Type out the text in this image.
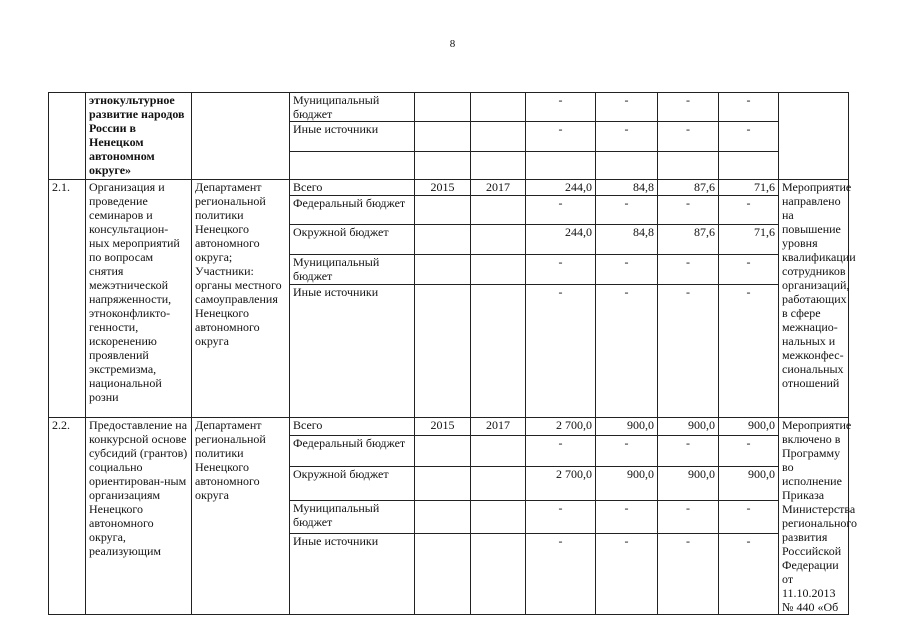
8
	этнокультурное развитие народов России в Ненецком автономном округе»		Муниципальный бюджет			-	-	-	-	
			Иные источники			-	-	-	-	

2.1.	Организация и проведение семинаров и консультацион-ных мероприятий по вопросам снятия межэтнической напряженности, этноконфликто-генности, искоренению проявлений экстремизма, национальной розни	Департамент региональной политики Ненецкого автономного округа; Участники: органы местного самоуправления Ненецкого автономного округа	Всего	2015	2017	244,0	84,8	87,6	71,6	Мероприятие направлено на повышение уровня квалификации сотрудников организаций, работающих в сфере межнацио-нальных и межконфес-сиональных отношений
			Федеральный бюджет			-	-	-	-	
			Окружной бюджет			244,0	84,8	87,6	71,6	
			Муниципальный бюджет			-	-	-	-	
			Иные источники			-	-	-	-	
2.2.	Предоставление на конкурсной основе субсидий (грантов) социально ориентирован-ным организациям Ненецкого автономного округа, реализующим	Департамент региональной политики Ненецкого автономного округа	Всего	2015	2017	2 700,0	900,0	900,0	900,0	Мероприятие включено в Программу во исполнение Приказа Министерства регионального развития Российской Федерации от 11.10.2013 № 440 «Об
			Федеральный бюджет			-	-	-	-	
			Окружной бюджет			2 700,0	900,0	900,0	900,0	
			Муниципальный бюджет			-	-	-	-	
			Иные источники			-	-	-	-	
